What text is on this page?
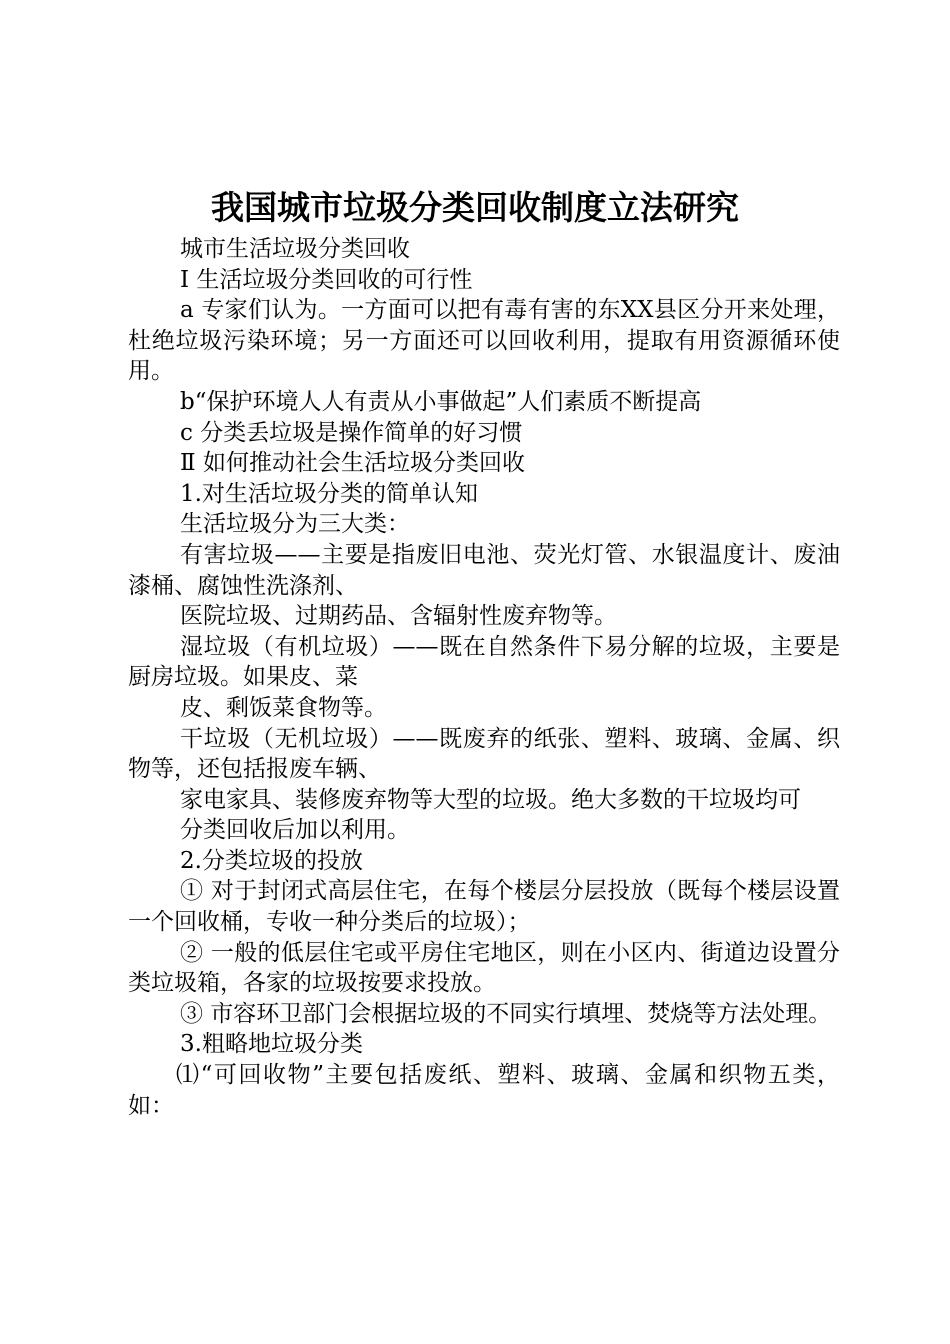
我国城市垃圾分类回收制度立法研究

城市生活垃圾分类回收

Ⅰ 生活垃圾分类回收的可行性

a 专家们认为。一方面可以把有毒有害的东XX县区分开来处理，杜绝垃圾污染环境；另一方面还可以回收利用，提取有用资源循环使用。

b“保护环境人人有责从小事做起”人们素质不断提高

c 分类丢垃圾是操作简单的好习惯

Ⅱ 如何推动社会生活垃圾分类回收

1.对生活垃圾分类的简单认知

生活垃圾分为三大类：

有害垃圾——主要是指废旧电池、荧光灯管、水银温度计、废油漆桶、腐蚀性洗涤剂、

医院垃圾、过期药品、含辐射性废弃物等。

湿垃圾（有机垃圾）——既在自然条件下易分解的垃圾，主要是厨房垃圾。如果皮、菜

皮、剩饭菜食物等。

干垃圾（无机垃圾）——既废弃的纸张、塑料、玻璃、金属、织物等，还包括报废车辆、

家电家具、装修废弃物等大型的垃圾。绝大多数的干垃圾均可

分类回收后加以利用。

2.分类垃圾的投放

① 对于封闭式高层住宅，在每个楼层分层投放（既每个楼层设置一个回收桶，专收一种分类后的垃圾）；

② 一般的低层住宅或平房住宅地区，则在小区内、街道边设置分类垃圾箱，各家的垃圾按要求投放。

③ 市容环卫部门会根据垃圾的不同实行填埋、焚烧等方法处理。

3.粗略地垃圾分类

⑴“可回收物”主要包括废纸、塑料、玻璃、金属和织物五类，如：
